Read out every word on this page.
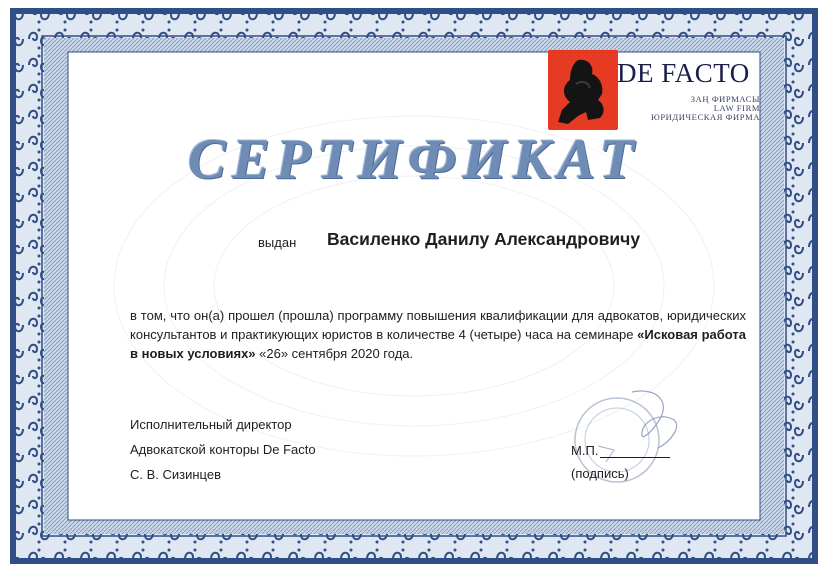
DE FACTO
ЗАҢ ФИРМАСЫ
LAW FIRM
ЮРИДИЧЕСКАЯ ФИРМА
СЕРТИФИКАТ
выдан Василенко Данилу Александровичу
в том, что он(а) прошел (прошла) программу повышения квалификации для адвокатов, юридических консультантов и практикующих юристов в количестве 4 (четыре) часа на семинаре «Исковая работа в новых условиях» «26» сентября 2020 года.
Исполнительный директор
Адвокатской конторы De Facto
С. В. Сизинцев
М.П.
(подпись)
